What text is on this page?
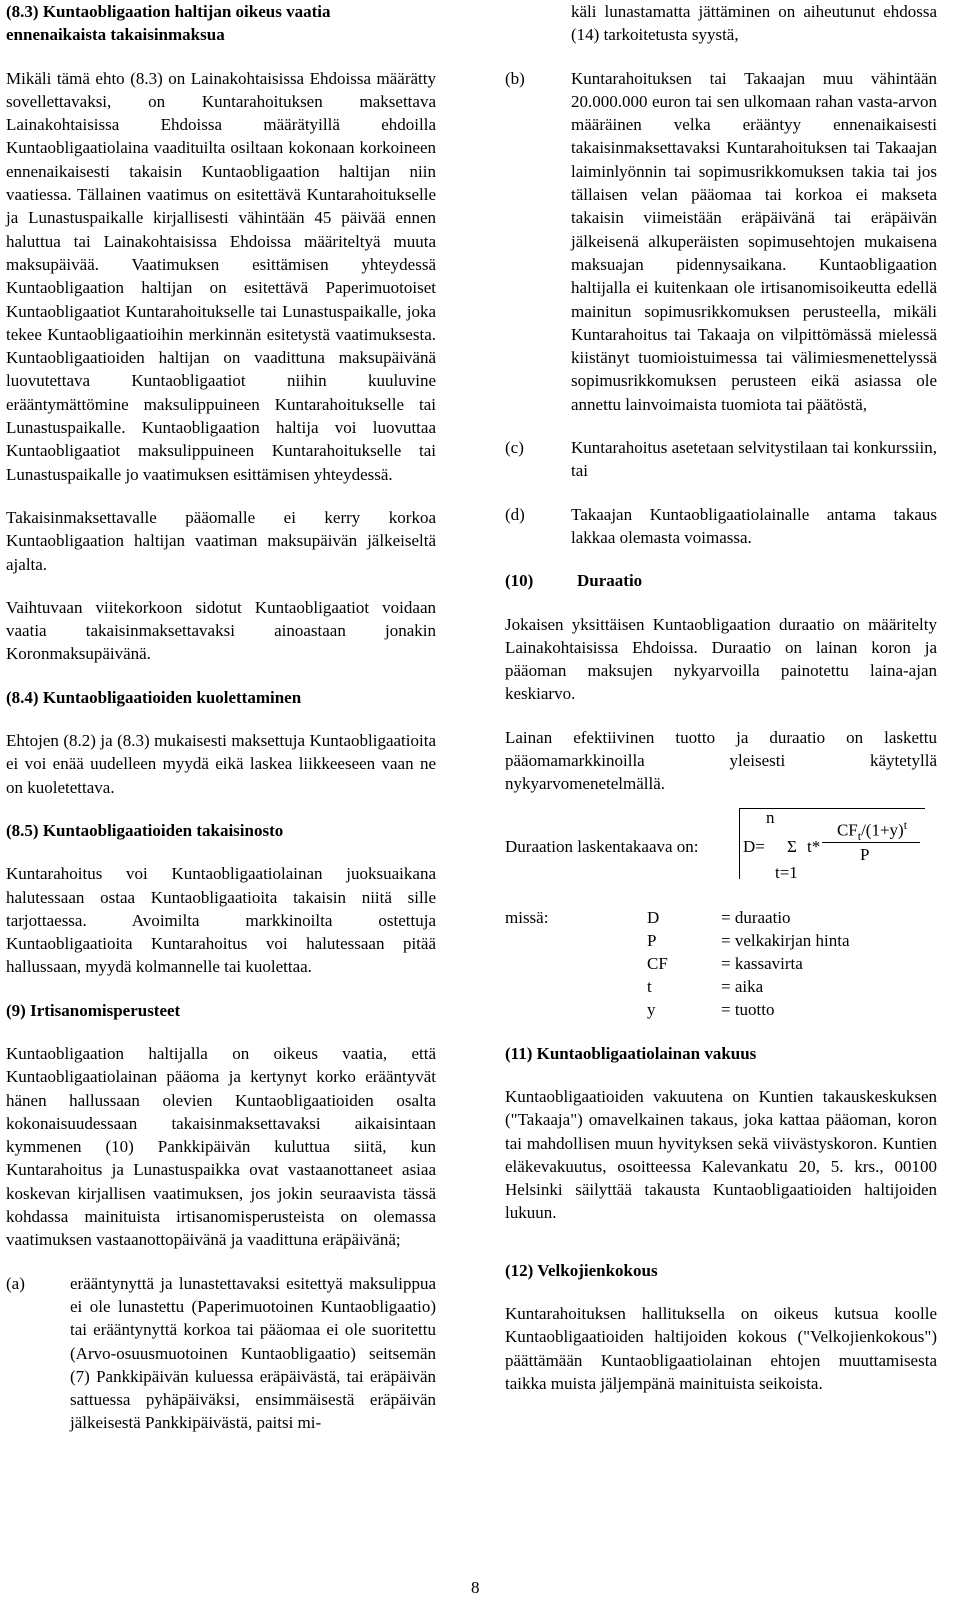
(8.3) Kuntaobligaation haltijan oikeus vaatia ennenaikaista takaisinmaksua

Mikäli tämä ehto (8.3) on Lainakohtaisissa Ehdoissa määrätty sovellettavaksi, on Kuntarahoituksen maksettava Lainakohtaisissa Ehdoissa määrätyillä ehdoilla Kuntaobligaatiolaina vaadituilta osiltaan kokonaan korkoineen ennenaikaisesti takaisin Kuntaobligaation haltijan niin vaatiessa. Tällainen vaatimus on esitettävä Kuntarahoitukselle ja Lunastuspaikalle kirjallisesti vähintään 45 päivää ennen haluttua tai Lainakohtaisissa Ehdoissa määriteltyä muuta maksupäivää. Vaatimuksen esittämisen yhteydessä Kuntaobligaation haltijan on esitettävä Paperimuotoiset Kuntaobligaatiot Kuntarahoitukselle tai Lunastuspaikalle, joka tekee Kuntaobligaatioihin merkinnän esitetystä vaatimuksesta. Kuntaobligaatioiden haltijan on vaadittuna maksupäivänä luovutettava Kuntaobligaatiot niihin kuuluvine erääntymättömine maksulippuineen Kuntarahoitukselle tai Lunastuspaikalle. Kuntaobligaation haltija voi luovuttaa Kuntaobligaatiot maksulippuineen Kuntarahoitukselle tai Lunastuspaikalle jo vaatimuksen esittämisen yhteydessä.

Takaisinmaksettavalle pääomalle ei kerry korkoa Kuntaobligaation haltijan vaatiman maksupäivän jälkeiseltä ajalta.

Vaihtuvaan viitekorkoon sidotut Kuntaobligaatiot voidaan vaatia takaisinmaksettavaksi ainoastaan jonakin Koronmaksupäivänä.

(8.4) Kuntaobligaatioiden kuolettaminen

Ehtojen (8.2) ja (8.3) mukaisesti maksettuja Kuntaobligaatioita ei voi enää uudelleen myydä eikä laskea liikkeeseen vaan ne on kuoletettava.

(8.5) Kuntaobligaatioiden takaisinosto

Kuntarahoitus voi Kuntaobligaatiolainan juoksuaikana halutessaan ostaa Kuntaobligaatioita takaisin niitä sille tarjottaessa. Avoimilta markkinoilta ostettuja Kuntaobligaatioita Kuntarahoitus voi halutessaan pitää hallussaan, myydä kolmannelle tai kuolettaa.

(9) Irtisanomisperusteet

Kuntaobligaation haltijalla on oikeus vaatia, että Kuntaobligaatiolainan pääoma ja kertynyt korko erääntyvät hänen hallussaan olevien Kuntaobligaatioiden osalta kokonaisuudessaan takaisinmaksettavaksi aikaisintaan kymmenen (10) Pankkipäivän kuluttua siitä, kun Kuntarahoitus ja Lunastuspaikka ovat vastaanottaneet asiaa koskevan kirjallisen vaatimuksen, jos jokin seuraavista tässä kohdassa mainituista irtisanomisperusteista on olemassa vaatimuksen vastaanottopäivänä ja vaadittuna eräpäivänä;

(a)	erääntynyttä ja lunastettavaksi esitettyä maksulippua ei ole lunastettu (Paperimuotoinen Kuntaobligaatio) tai erääntynyttä korkoa tai pääomaa ei ole suoritettu (Arvo-osuusmuotoinen Kuntaobligaatio) seitsemän (7) Pankkipäivän kuluessa eräpäivästä, tai eräpäivän sattuessa pyhäpäiväksi, ensimmäisestä eräpäivän jälkeisestä Pankkipäivästä, paitsi mi-

käli lunastamatta jättäminen on aiheutunut ehdossa (14) tarkoitetusta syystä,

(b)	Kuntarahoituksen tai Takaajan muu vähintään 20.000.000 euron tai sen ulkomaan rahan vasta-arvon määräinen velka erääntyy ennenaikaisesti takaisinmaksettavaksi Kuntarahoituksen tai Takaajan laiminlyönnin tai sopimusrikkomuksen takia tai jos tällaisen velan pääomaa tai korkoa ei makseta takaisin viimeistään eräpäivänä tai eräpäivän jälkeisenä alkuperäisten sopimusehtojen mukaisena maksuajan pidennysaikana. Kuntaobligaation haltijalla ei kuitenkaan ole irtisanomisoikeutta edellä mainitun sopimusrikkomuksen perusteella, mikäli Kuntarahoitus tai Takaaja on vilpittömässä mielessä kiistänyt tuomioistuimessa tai välimiesmenettelyssä sopimusrikkomuksen perusteen eikä asiassa ole annettu lainvoimaista tuomiota tai päätöstä,

(c)	Kuntarahoitus asetetaan selvitystilaan tai konkurssiin, tai

(d)	Takaajan Kuntaobligaatiolainalle antama takaus lakkaa olemasta voimassa.

(10)	Duraatio

Jokaisen yksittäisen Kuntaobligaation duraatio on määritelty Lainakohtaisissa Ehdoissa. Duraatio on lainan koron ja pääoman maksujen nykyarvoilla painotettu laina-ajan keskiarvo.

Lainan efektiivinen tuotto ja duraatio on laskettu pääomamarkkinoilla yleisesti käytetyllä nykyarvomenetelmällä.

Duraation laskentakaava on:
n
$CF_t/(1+y)^t$
P
D= Σ t*
t=1
missä:	D	= duraatio
P	= velkakirjan hinta
CF	= kassavirta
t	= aika
y	= tuotto

(11) Kuntaobligaatiolainan vakuus

Kuntaobligaatioiden vakuutena on Kuntien takauskeskuksen ("Takaaja") omavelkainen takaus, joka kattaa pääoman, koron tai mahdollisen muun hyvityksen sekä viivästyskoron. Kuntien eläkevakuutus, osoitteessa Kalevankatu 20, 5. krs., 00100 Helsinki säilyttää takausta Kuntaobligaatioiden haltijoiden lukuun.

(12) Velkojienkokous

Kuntarahoituksen hallituksella on oikeus kutsua koolle Kuntaobligaatioiden haltijoiden kokous ("Velkojienkokous") päättämään Kuntaobligaatiolainan ehtojen muuttamisesta taikka muista jäljempänä mainituista seikoista.

8
